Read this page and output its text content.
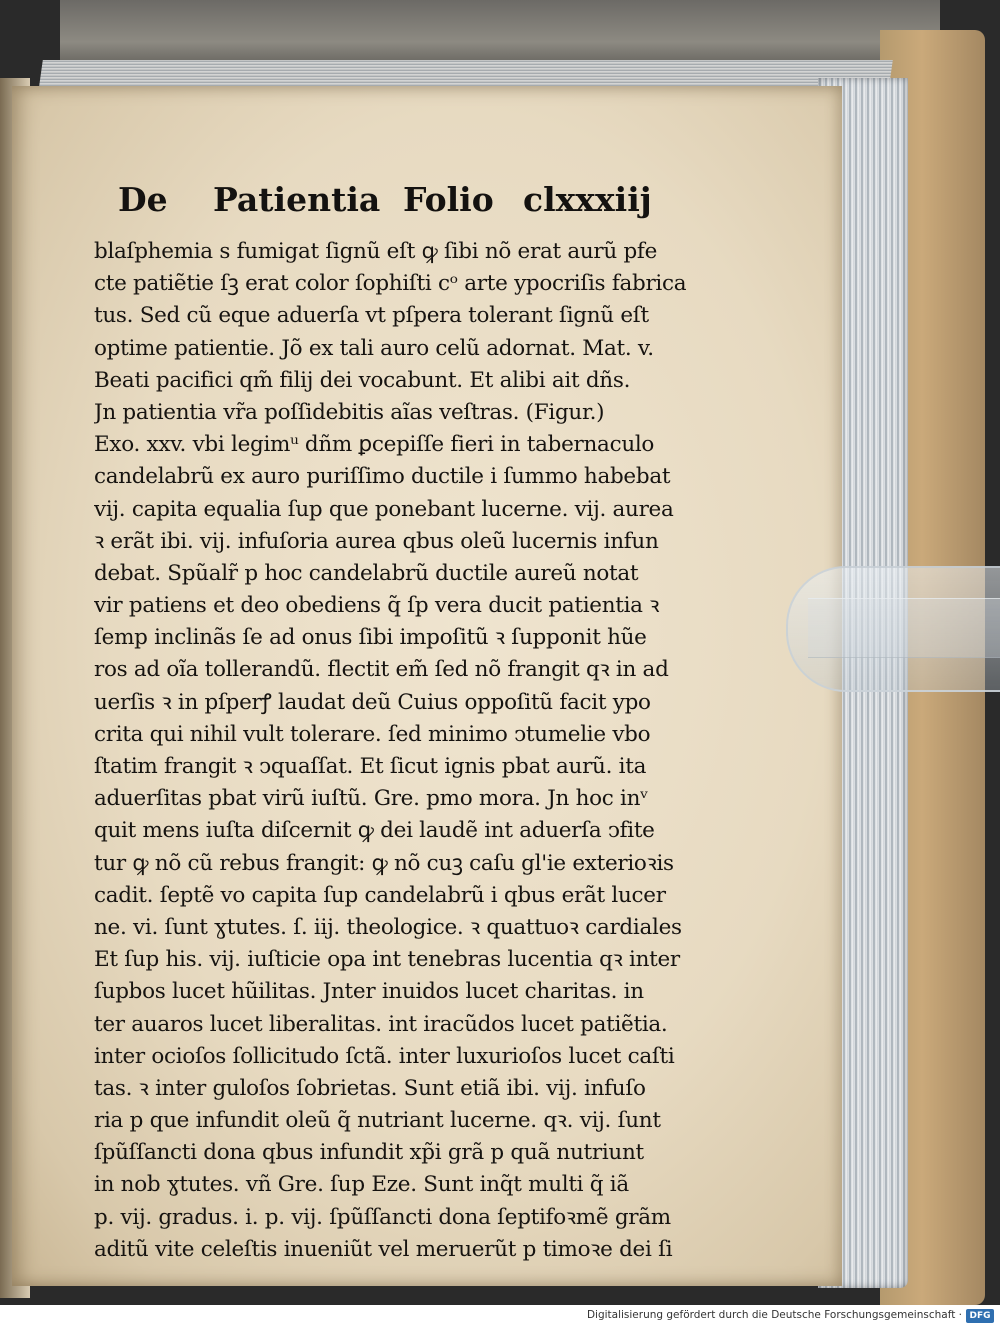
De Patientia Folio clxxxiij
blaſphemia s fumigat ſignũ eſt ꝙ ſibi nõ erat aurũ pfe
cte patiẽtie ſꝫ erat color ſophiſti cᵒ arte ypocriſis fabrica
tus. Sed cũ eque aduerſa vt pſpera tolerant ſignũ eſt
optime patientie. Jõ ex tali auro celũ adornat. Mat. v.
Beati pacifici qm̃ filij dei vocabunt. Et alibi ait dñs.
Jn patientia vr̃a poſſidebitis aĩas veſtras. (Figur.)
Exo. xxv. vbi legimᵘ dñm ꝑcepiſſe fieri in tabernaculo
candelabrũ ex auro puriſſimo ductile i ſummo habebat
vij. capita equalia ſup que ponebant lucerne. vij. aurea
ꝛ erãt ibi. vij. infuſoria aurea qbus oleũ lucernis infun
debat. Spũalr̃ p hoc candelabrũ ductile aureũ notat
vir patiens et deo obediens q̃ ſp vera ducit patientia ꝛ
ſemp inclinãs ſe ad onus ſibi impoſitũ ꝛ ſupponit hũe
ros ad oĩa tollerandũ. flectit em̃ ſed nõ frangit qꝛ in ad
uerſis ꝛ in pſperꝭ laudat deũ Cuius oppoſitũ facit ypo
crita qui nihil vult tolerare. ſed minimo ↄtumelie vbo
ſtatim frangit ꝛ ↄquaſſat. Et ſicut ignis pbat aurũ. ita
aduerſitas pbat virũ iuſtũ. Gre. pmo mora. Jn hoc inᵛ
quit mens iuſta diſcernit ꝙ dei laudẽ int aduerſa ↄfite
tur ꝙ nõ cũ rebus frangit: ꝙ nõ cuꝫ caſu gl'ie exterioꝛis
cadit. ſeptẽ vo capita ſup candelabrũ i qbus erãt lucer
ne. vi. ſunt ɣtutes. ſ. iij. theologice. ꝛ quattuoꝛ cardiales
Et ſup his. vij. iuſticie opa int tenebras lucentia qꝛ inter
ſupbos lucet hũilitas. Jnter inuidos lucet charitas. in
ter auaros lucet liberalitas. int iracũdos lucet patiẽtia.
inter ocioſos ſollicitudo ſctã. inter luxurioſos lucet caſti
tas. ꝛ inter guloſos ſobrietas. Sunt etiã ibi. vij. infuſo
ria p que infundit oleũ q̃ nutriant lucerne. qꝛ. vij. ſunt
ſpũſſancti dona qbus infundit xp̃i grã p quã nutriunt
in nob ɣtutes. vñ Gre. ſup Eze. Sunt inq̃t multi q̃ iã
p. vij. gradus. i. p. vij. ſpũſſancti dona ſeptifoꝛmẽ grãm
aditũ vite celeſtis inueniũt vel meruerũt p timoꝛe dei ſi
Digitalisierung gefördert durch die Deutsche Forschungsgemeinschaft · DFG
